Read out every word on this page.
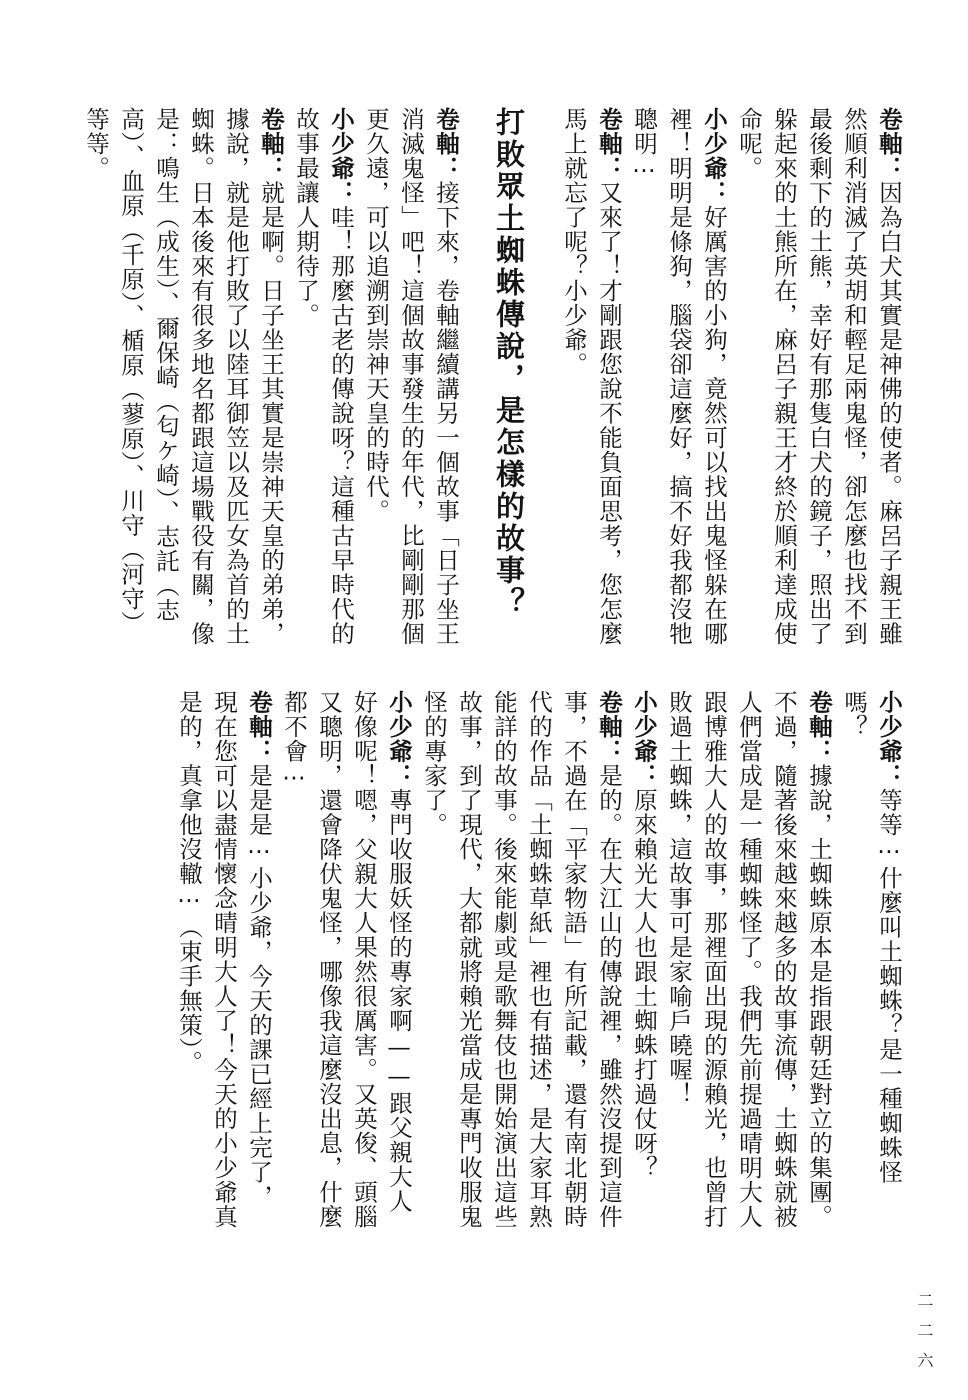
卷軸：因為白犬其實是神佛的使者。麻呂子親王雖然順利消滅了英胡和輕足兩鬼怪，卻怎麼也找不到最後剩下的土熊，幸好有那隻白犬的鏡子，照出了躲起來的土熊所在，麻呂子親王才終於順利達成使命呢。

小少爺：好厲害的小狗，竟然可以找出鬼怪躲在哪裡！明明是條狗，腦袋卻這麼好，搞不好我都沒牠聰明⋯

卷軸：又來了！才剛跟您說不能負面思考，您怎麼馬上就忘了呢？小少爺。

打敗眾土蜘蛛傳說，是怎樣的故事？

卷軸：接下來，卷軸繼續講另一個故事「日子坐王消滅鬼怪」吧！這個故事發生的年代，比剛剛那個更久遠，可以追溯到崇神天皇的時代。

小少爺：哇！那麼古老的傳說呀？這種古早時代的故事最讓人期待了。

卷軸：就是啊。日子坐王其實是崇神天皇的弟弟，據說，就是他打敗了以陸耳御笠以及匹女為首的土蜘蛛。日本後來有很多地名都跟這場戰役有關，像是：鳴生（成生）、爾保崎（匂ケ崎）、志託（志高）、血原（千原）、楯原（蓼原）、川守（河守）等等。

小少爺：等等⋯什麼叫土蜘蛛？是一種蜘蛛怪嗎？

卷軸：據說，土蜘蛛原本是指跟朝廷對立的集團。不過，隨著後來越來越多的故事流傳，土蜘蛛就被人們當成是一種蜘蛛怪了。我們先前提過晴明大人跟博雅大人的故事，那裡面出現的源賴光，也曾打敗過土蜘蛛，這故事可是家喻戶曉喔！

小少爺：原來賴光大人也跟土蜘蛛打過仗呀？

卷軸：是的。在大江山的傳說裡，雖然沒提到這件事，不過在「平家物語」有所記載，還有南北朝時代的作品「土蜘蛛草紙」裡也有描述，是大家耳熟能詳的故事。後來能劇或是歌舞伎也開始演出這些故事，到了現代，大都就將賴光當成是專門收服鬼怪的專家了。

小少爺：專門收服妖怪的專家啊——跟父親大人好像呢！嗯，父親大人果然很厲害。又英俊、頭腦又聰明，還會降伏鬼怪，哪像我這麼沒出息，什麼都不會⋯

卷軸：是是是⋯小少爺，今天的課已經上完了，現在您可以盡情懷念晴明大人了！今天的小少爺真是的，真拿他沒轍⋯（束手無策）。

二二六
